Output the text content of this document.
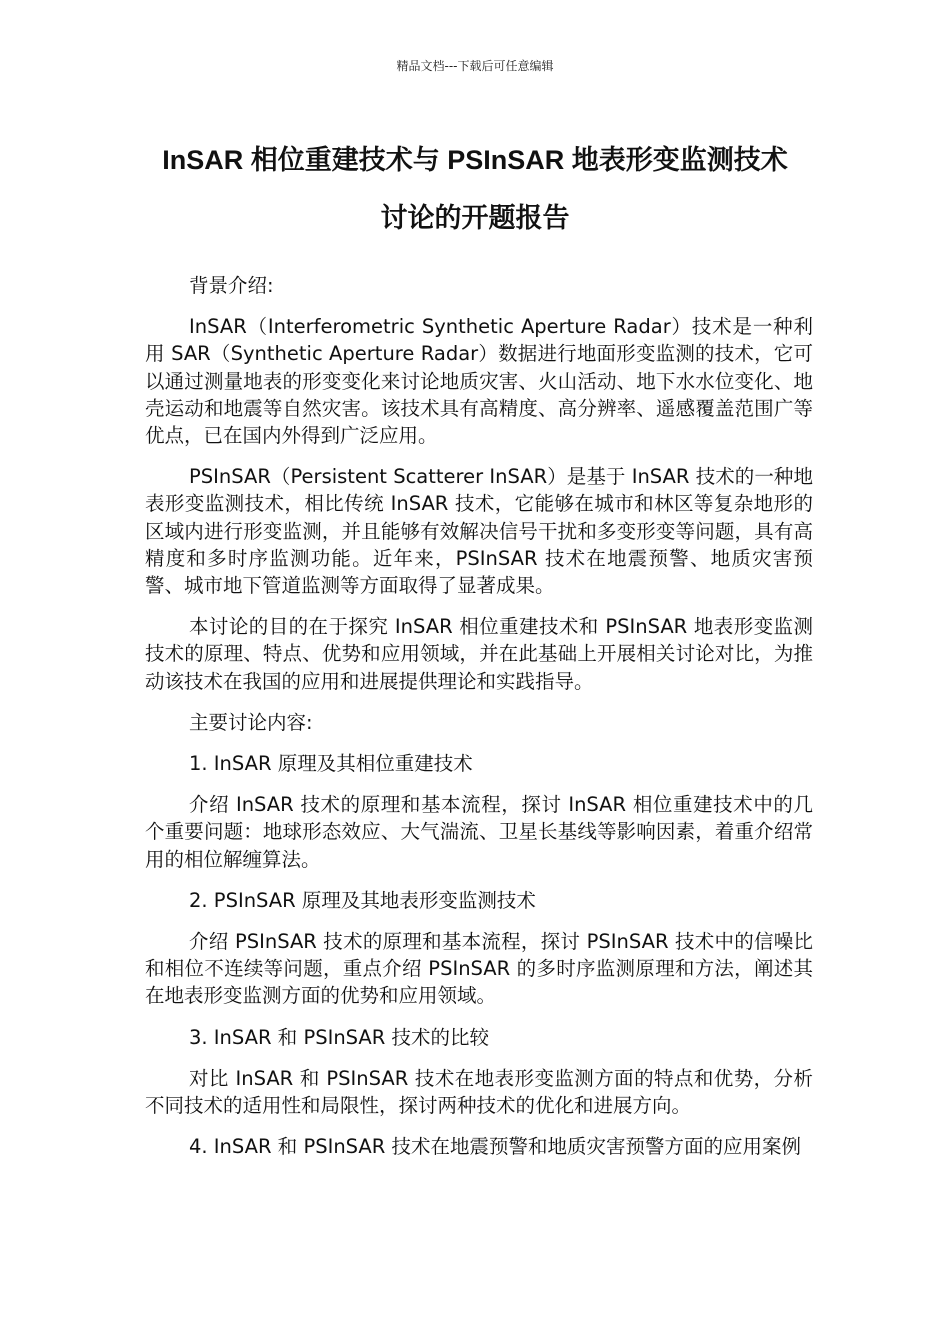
精品文档---下载后可任意编辑
InSAR 相位重建技术与 PSInSAR 地表形变监测技术
讨论的开题报告

背景介绍:

InSAR（Interferometric Synthetic Aperture Radar）技术是一种利用 SAR（Synthetic Aperture Radar）数据进行地面形变监测的技术，它可以通过测量地表的形变变化来讨论地质灾害、火山活动、地下水水位变化、地壳运动和地震等自然灾害。该技术具有高精度、高分辨率、遥感覆盖范围广等优点，已在国内外得到广泛应用。

PSInSAR（Persistent Scatterer InSAR）是基于 InSAR 技术的一种地表形变监测技术，相比传统 InSAR 技术，它能够在城市和林区等复杂地形的区域内进行形变监测，并且能够有效解决信号干扰和多变形变等问题，具有高精度和多时序监测功能。近年来，PSInSAR 技术在地震预警、地质灾害预警、城市地下管道监测等方面取得了显著成果。

本讨论的目的在于探究 InSAR 相位重建技术和 PSInSAR 地表形变监测技术的原理、特点、优势和应用领域，并在此基础上开展相关讨论对比，为推动该技术在我国的应用和进展提供理论和实践指导。

主要讨论内容:

1. InSAR 原理及其相位重建技术

介绍 InSAR 技术的原理和基本流程，探讨 InSAR 相位重建技术中的几个重要问题：地球形态效应、大气湍流、卫星长基线等影响因素，着重介绍常用的相位解缠算法。

2. PSInSAR 原理及其地表形变监测技术

介绍 PSInSAR 技术的原理和基本流程，探讨 PSInSAR 技术中的信噪比和相位不连续等问题，重点介绍 PSInSAR 的多时序监测原理和方法，阐述其在地表形变监测方面的优势和应用领域。

3. InSAR 和 PSInSAR 技术的比较

对比 InSAR 和 PSInSAR 技术在地表形变监测方面的特点和优势，分析不同技术的适用性和局限性，探讨两种技术的优化和进展方向。

4. InSAR 和 PSInSAR 技术在地震预警和地质灾害预警方面的应用案例
